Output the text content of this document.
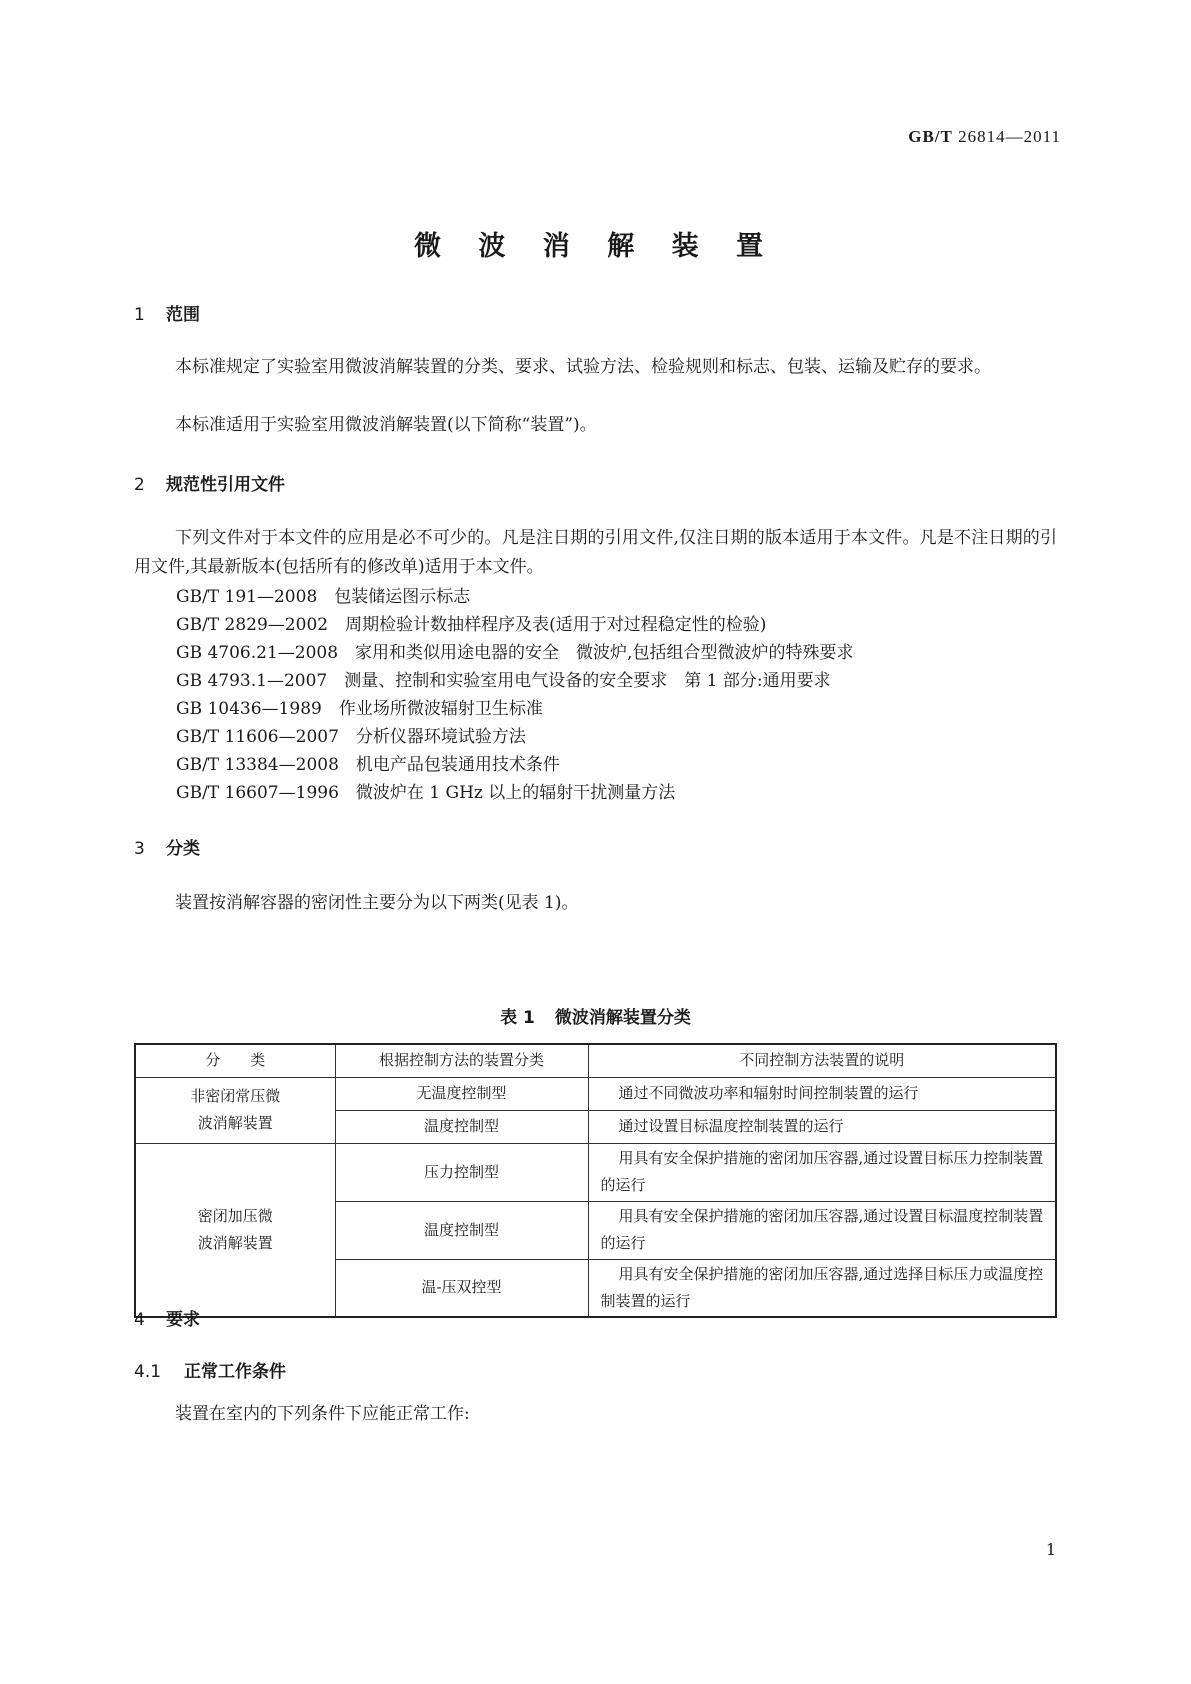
GB/T 26814—2011
微 波 消 解 装 置
1 范围
本标准规定了实验室用微波消解装置的分类、要求、试验方法、检验规则和标志、包装、运输及贮存的要求。
本标准适用于实验室用微波消解装置(以下简称“装置”)。
2 规范性引用文件
下列文件对于本文件的应用是必不可少的。凡是注日期的引用文件,仅注日期的版本适用于本文件。凡是不注日期的引用文件,其最新版本(包括所有的修改单)适用于本文件。
GB/T 191—2008　包装储运图示标志
GB/T 2829—2002　周期检验计数抽样程序及表(适用于对过程稳定性的检验)
GB 4706.21—2008　家用和类似用途电器的安全　微波炉,包括组合型微波炉的特殊要求
GB 4793.1—2007　测量、控制和实验室用电气设备的安全要求　第 1 部分:通用要求
GB 10436—1989　作业场所微波辐射卫生标准
GB/T 11606—2007　分析仪器环境试验方法
GB/T 13384—2008　机电产品包装通用技术条件
GB/T 16607—1996　微波炉在 1 GHz 以上的辐射干扰测量方法
3 分类
装置按消解容器的密闭性主要分为以下两类(见表 1)。
表 1 微波消解装置分类
分　　类	根据控制方法的装置分类	不同控制方法装置的说明

非密闭常压微
波消解装置	无温度控制型	通过不同微波功率和辐射时间控制装置的运行
	温度控制型	通过设置目标温度控制装置的运行

密闭加压微
波消解装置	压力控制型	用具有安全保护措施的密闭加压容器,通过设置目标压力控制装置的运行
	温度控制型	用具有安全保护措施的密闭加压容器,通过设置目标温度控制装置的运行
	温-压双控型	用具有安全保护措施的密闭加压容器,通过选择目标压力或温度控制装置的运行
4 要求
4.1 正常工作条件
装置在室内的下列条件下应能正常工作:
1
